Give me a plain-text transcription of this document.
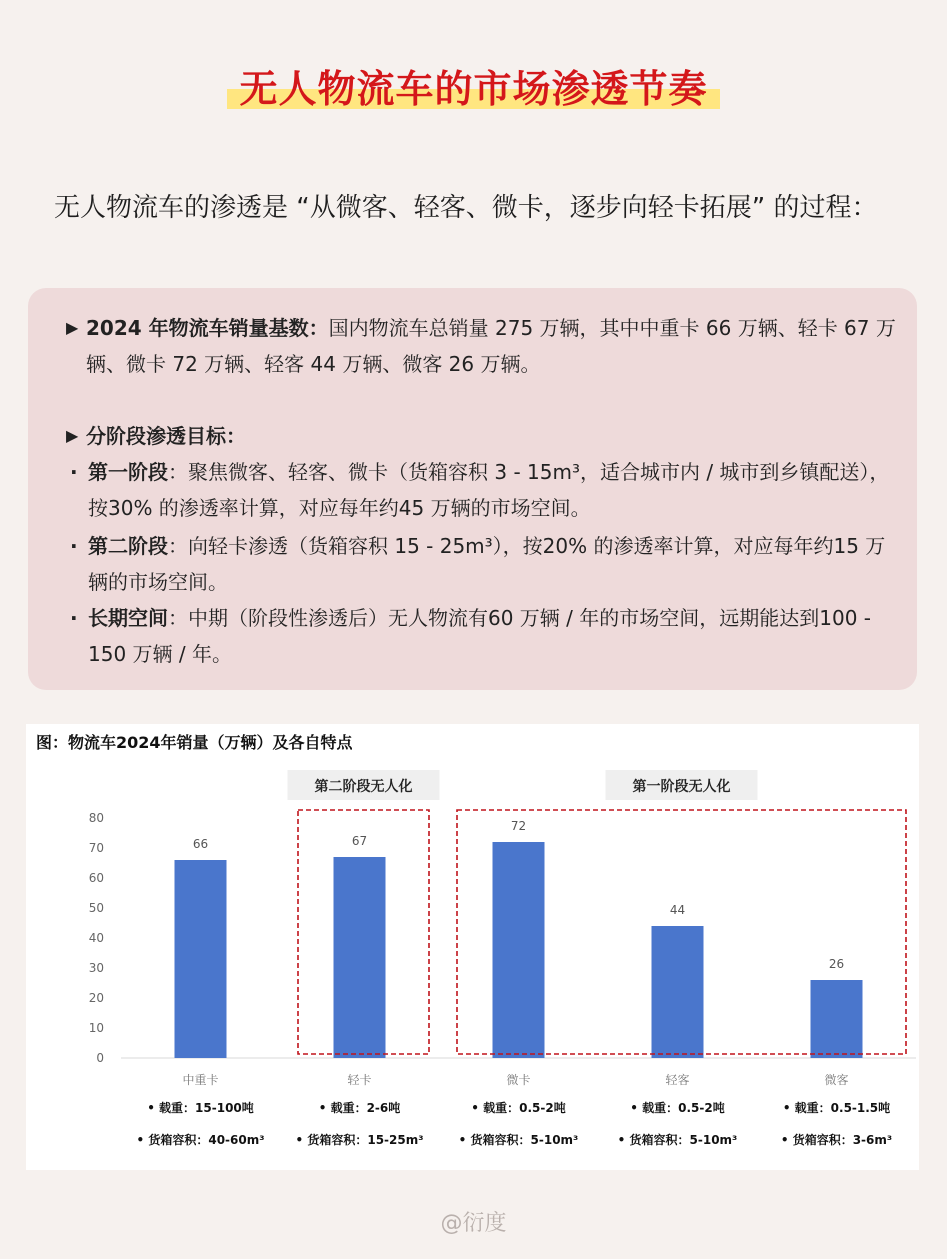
无人物流车的市场渗透节奏
无人物流车的渗透是 “从微客、轻客、微卡，逐步向轻卡拓展” 的过程：
▶ 2024 年物流车销量基数：国内物流车总销量 275 万辆，其中中重卡 66 万辆、轻卡 67 万辆、微卡 72 万辆、轻客 44 万辆、微客 26 万辆。
▶ 分阶段渗透目标：
· 第一阶段：聚焦微客、轻客、微卡（货箱容积 3 - 15m³，适合城市内 / 城市到乡镇配送），按30% 的渗透率计算，对应每年约45 万辆的市场空间。
· 第二阶段：向轻卡渗透（货箱容积 15 - 25m³），按20% 的渗透率计算，对应每年约15 万辆的市场空间。
· 长期空间：中期（阶段性渗透后）无人物流有60 万辆 / 年的市场空间，远期能达到100 - 150 万辆 / 年。
图：物流车2024年销量（万辆）及各自特点
0
10
20
30
40
50
60
70
80
66
中重卡
67
轻卡
72
微卡
44
轻客
26
微客
第二阶段无人化	第一阶段无人化
• 载重：15-100吨
• 货箱容积：40-60m³
• 载重：2-6吨
• 货箱容积：15-25m³
• 载重：0.5-2吨
• 货箱容积：5-10m³
• 载重：0.5-2吨
• 货箱容积：5-10m³
• 载重：0.5-1.5吨
• 货箱容积：3-6m³
@衍度
